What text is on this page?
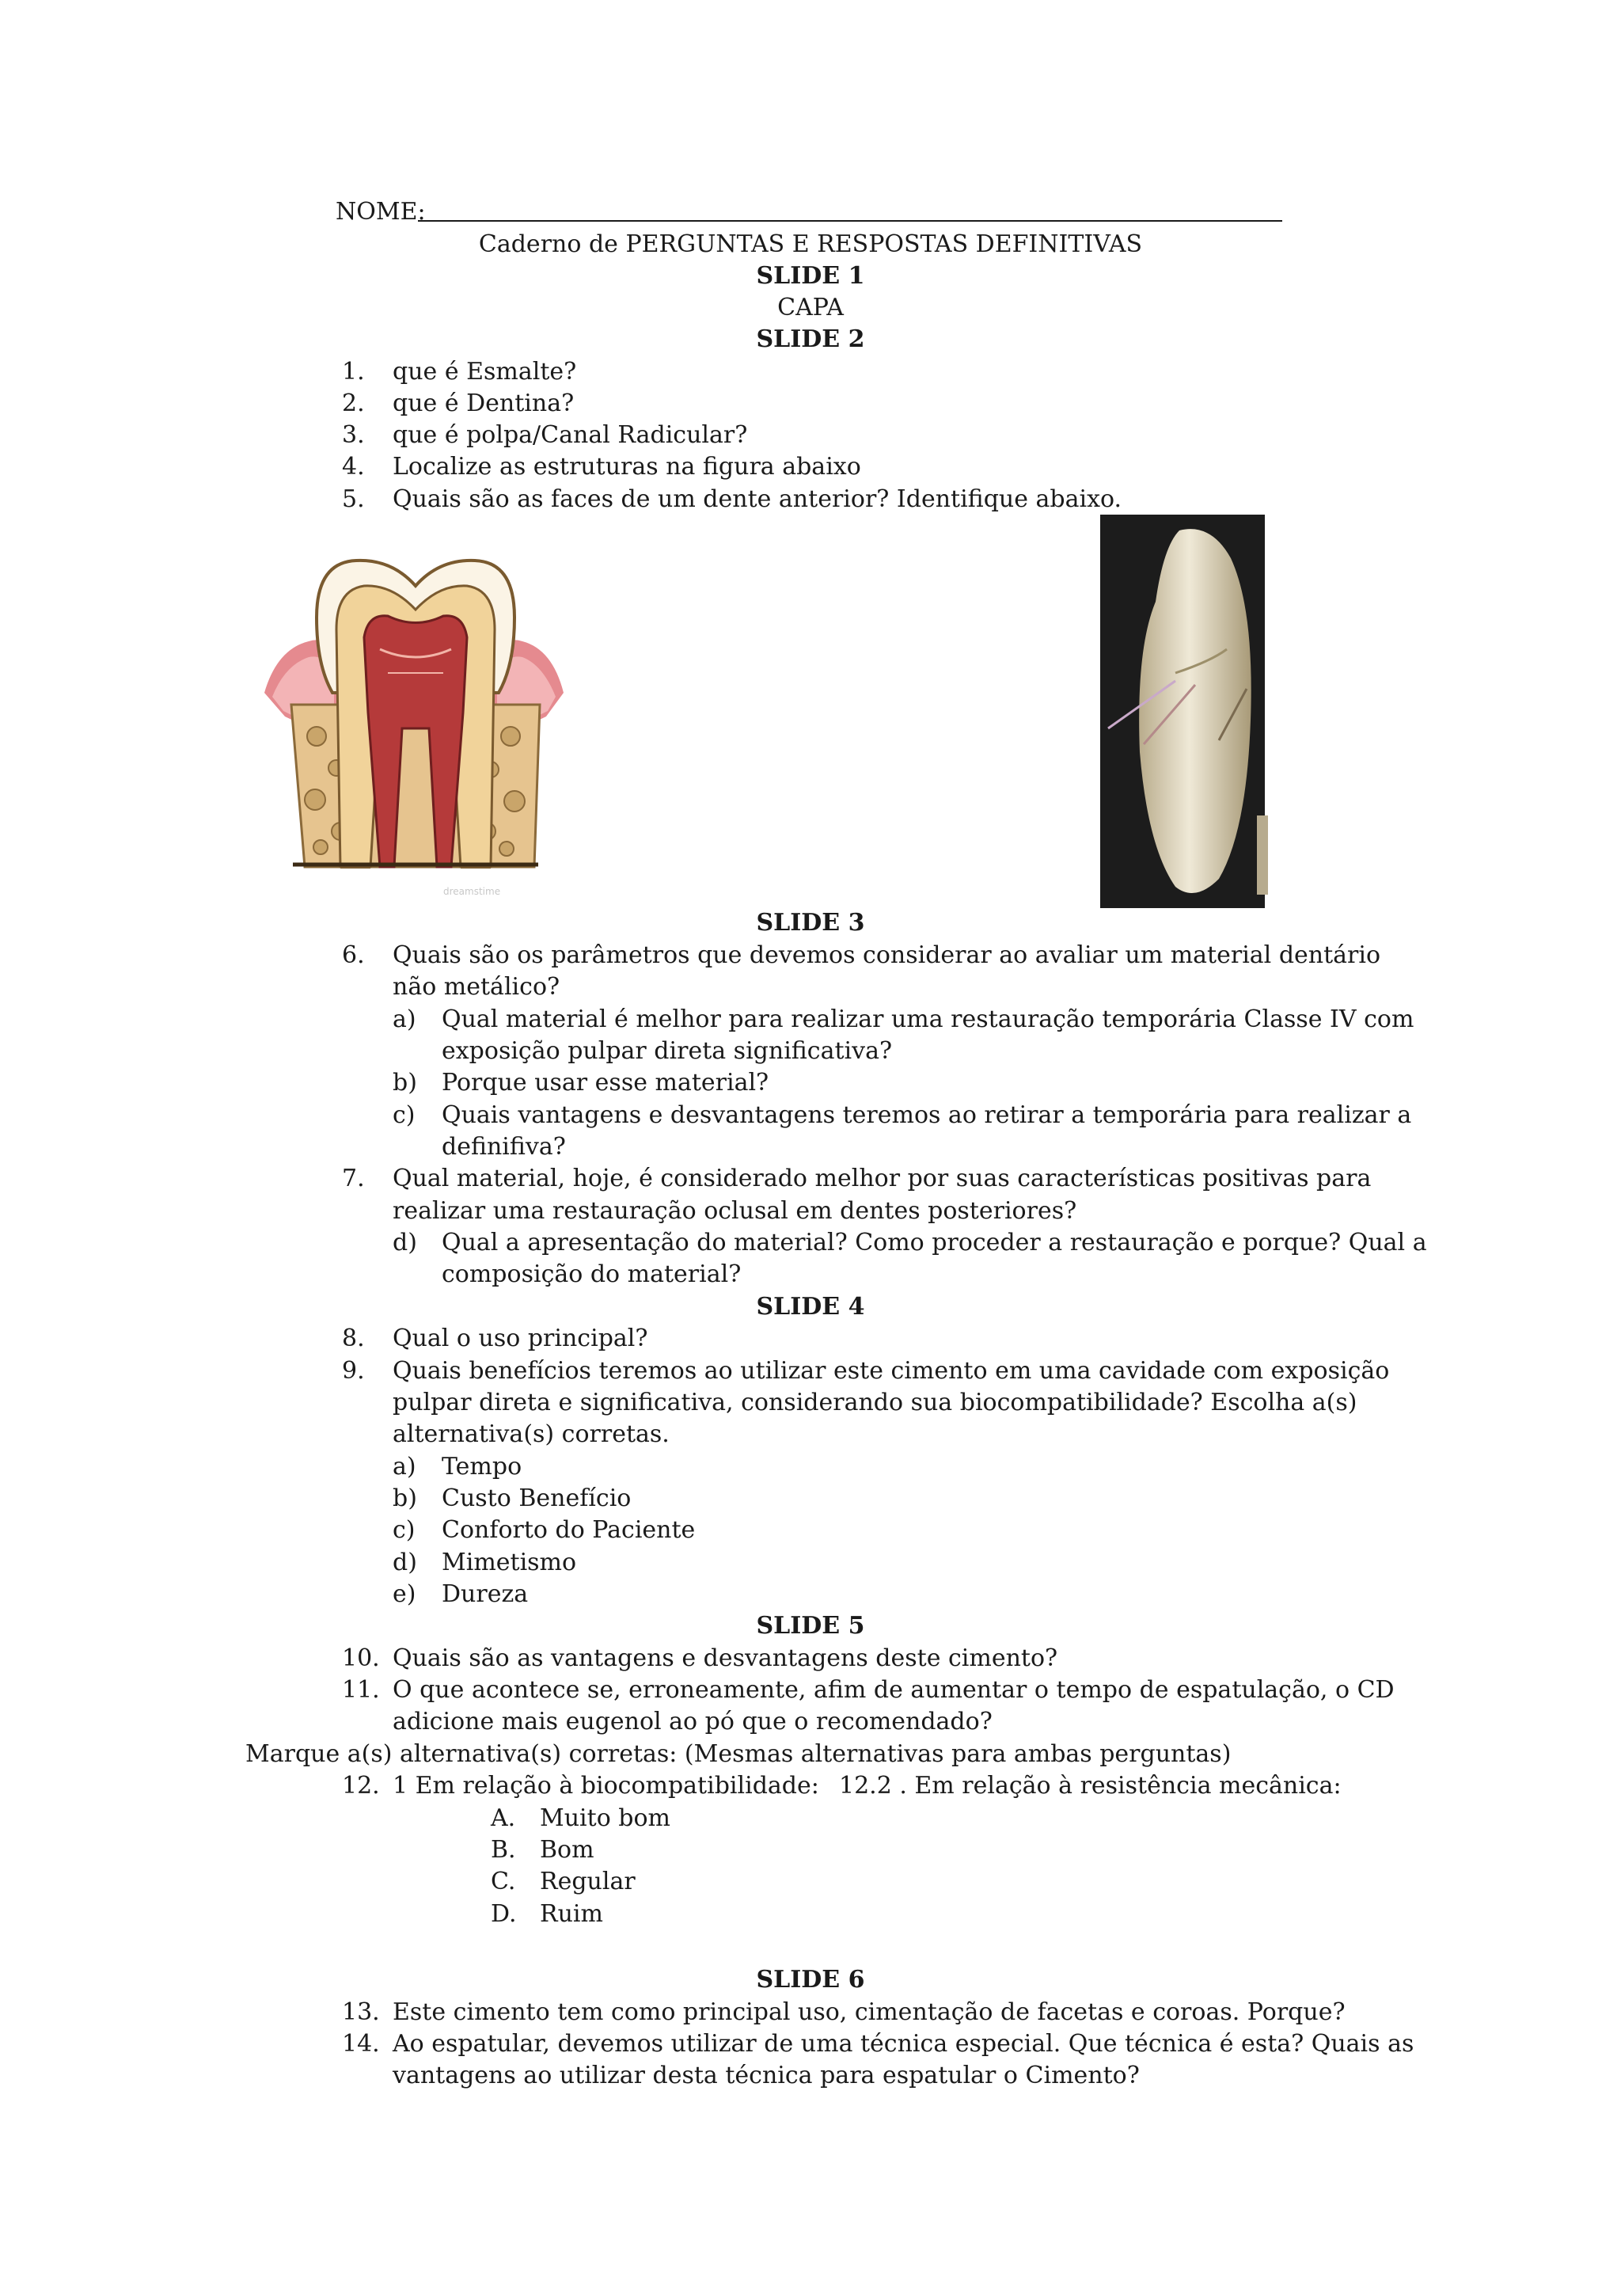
NOME:
Caderno de PERGUNTAS E RESPOSTAS DEFINITIVAS
SLIDE 1
CAPA
SLIDE 2
1. que é Esmalte?
2. que é Dentina?
3. que é polpa/Canal Radicular?
4. Localize as estruturas na figura abaixo
5. Quais são as faces de um dente anterior? Identifique abaixo.
dreamstime
SLIDE 3
6. Quais são os parâmetros que devemos considerar ao avaliar um material dentário
não metálico?
a) Qual material é melhor para realizar uma restauração temporária Classe IV com
exposição pulpar direta significativa?
b) Porque usar esse material?
c) Quais vantagens e desvantagens teremos ao retirar a temporária para realizar a
definifiva?
7. Qual material, hoje, é considerado melhor por suas características positivas para
realizar uma restauração oclusal em dentes posteriores?
d) Qual a apresentação do material? Como proceder a restauração e porque? Qual a
composição do material?
SLIDE 4
8. Qual o uso principal?
9. Quais benefícios teremos ao utilizar este cimento em uma cavidade com exposição
pulpar direta e significativa, considerando sua biocompatibilidade? Escolha a(s)
alternativa(s) corretas.
a) Tempo
b) Custo Benefício
c) Conforto do Paciente
d) Mimetismo
e) Dureza
SLIDE 5
10. Quais são as vantagens e desvantagens deste cimento?
11. O que acontece se, erroneamente, afim de aumentar o tempo de espatulação, o CD
adicione mais eugenol ao pó que o recomendado?
Marque a(s) alternativa(s) corretas: (Mesmas alternativas para ambas perguntas)
12. 1 Em relação à biocompatibilidade: 12.2 . Em relação à resistência mecânica:
A. Muito bom
B. Bom
C. Regular
D. Ruim
SLIDE 6
13. Este cimento tem como principal uso, cimentação de facetas e coroas. Porque?
14. Ao espatular, devemos utilizar de uma técnica especial. Que técnica é esta? Quais as
vantagens ao utilizar desta técnica para espatular o Cimento?
